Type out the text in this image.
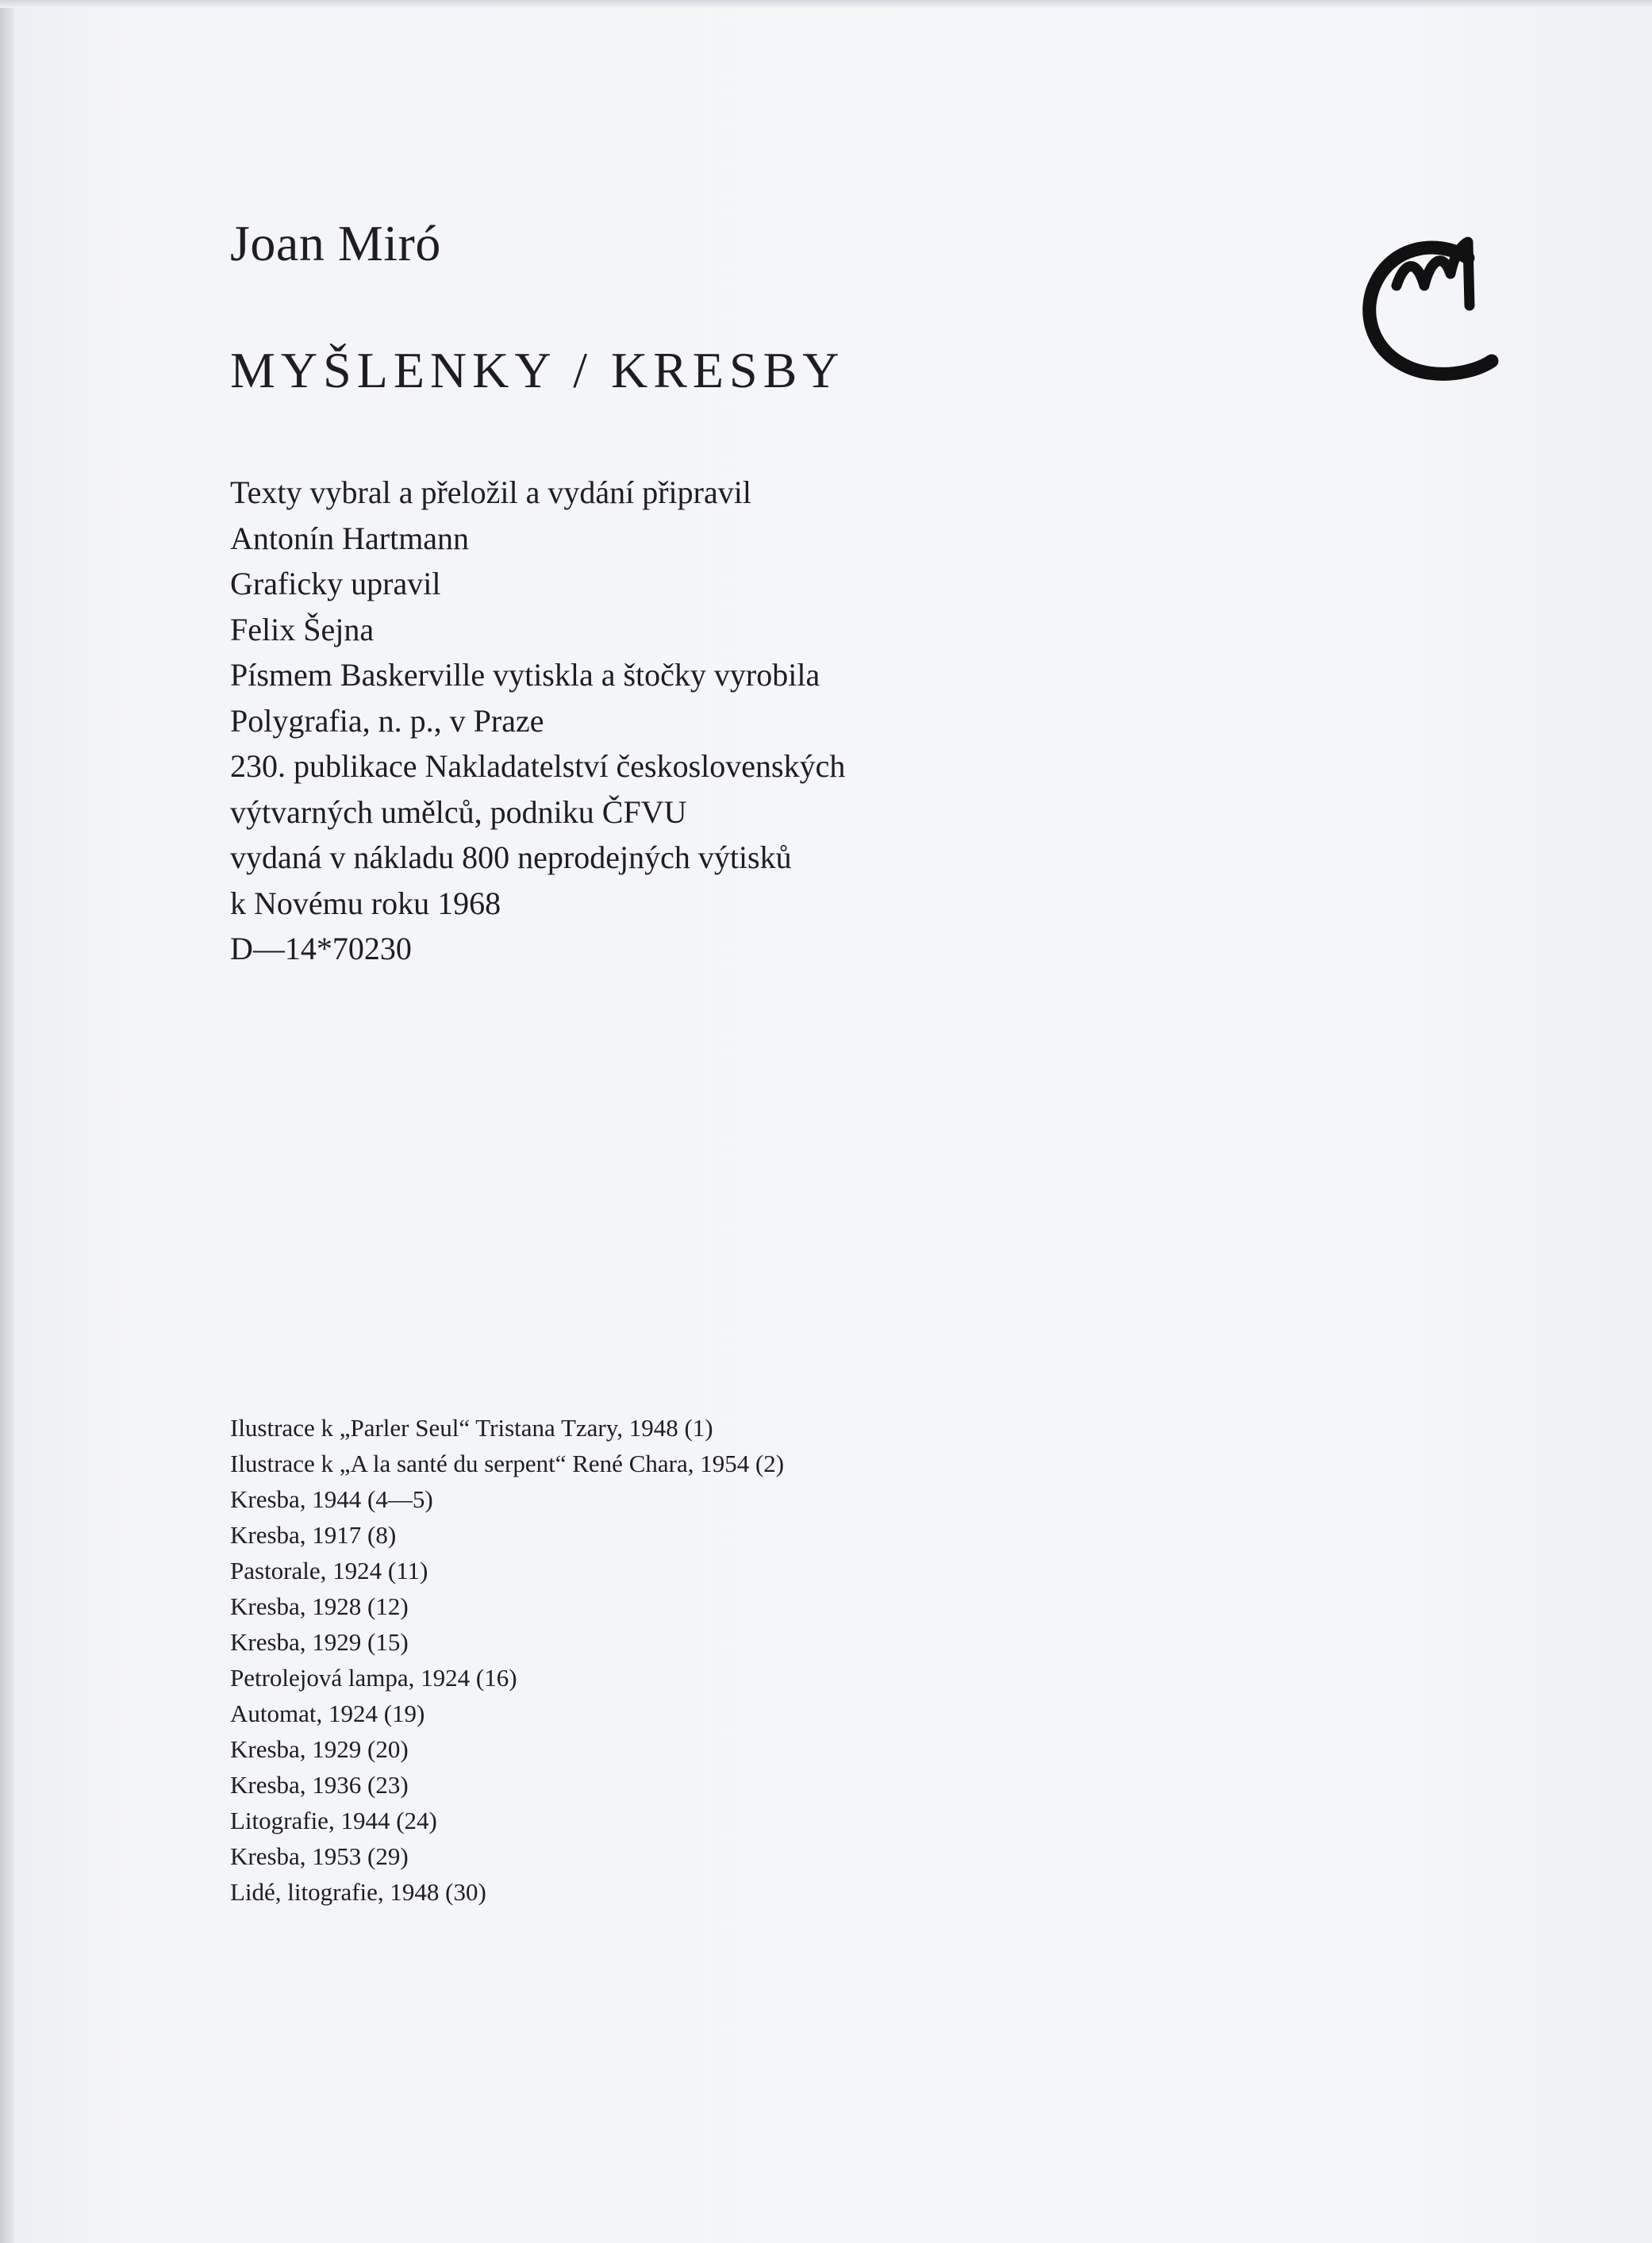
Joan Miró
MYŠLENKY / KRESBY
Texty vybral a přeložil a vydání připravil
Antonín Hartmann
Graficky upravil
Felix Šejna
Písmem Baskerville vytiskla a štočky vyrobila
Polygrafia, n. p., v Praze
230. publikace Nakladatelství československých
výtvarných umělců, podniku ČFVU
vydaná v nákladu 800 neprodejných výtisků
k Novému roku 1968
D—14*70230
Ilustrace k „Parler Seul“ Tristana Tzary, 1948 (1)
Ilustrace k „A la santé du serpent“ René Chara, 1954 (2)
Kresba, 1944 (4—5)
Kresba, 1917 (8)
Pastorale, 1924 (11)
Kresba, 1928 (12)
Kresba, 1929 (15)
Petrolejová lampa, 1924 (16)
Automat, 1924 (19)
Kresba, 1929 (20)
Kresba, 1936 (23)
Litografie, 1944 (24)
Kresba, 1953 (29)
Lidé, litografie, 1948 (30)
